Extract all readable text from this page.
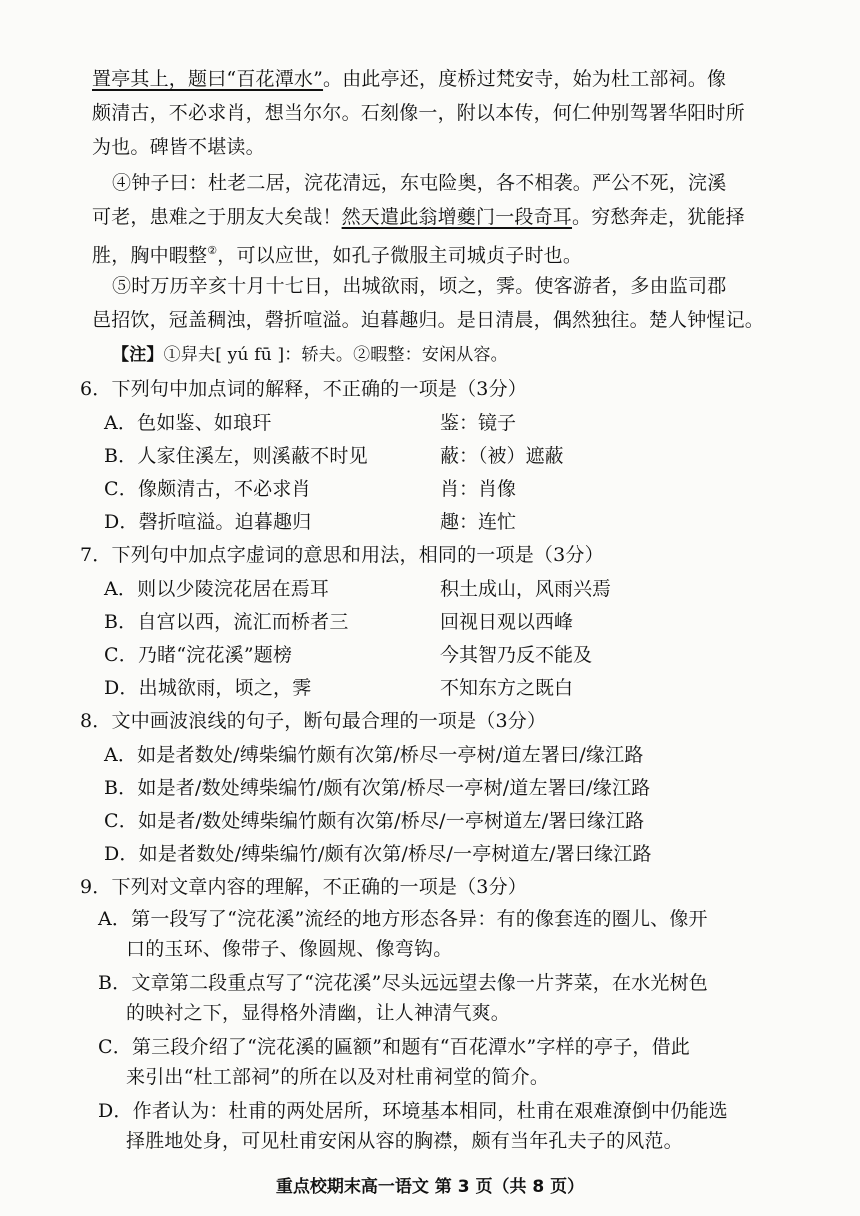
置亭其上，题曰“百花潭水”。由此亭还，度桥过梵安寺，始为杜工部祠。像
颇清古，不必求肖，想当尔尔。石刻像一，附以本传，何仁仲别驾署华阳时所
为也。碑皆不堪读。
④钟子曰：杜老二居，浣花清远，东屯险奥，各不相袭。严公不死，浣溪
可老，患难之于朋友大矣哉！然天遣此翁增夔门一段奇耳。穷愁奔走，犹能择
胜，胸中暇整②，可以应世，如孔子微服主司城贞子时也。
⑤时万历辛亥十月十七日，出城欲雨，顷之，霁。使客游者，多由监司郡
邑招饮，冠盖稠浊，磬折喧溢。迫暮趣归。是日清晨，偶然独往。楚人钟惺记。
【注】①舁夫[ yú fū ]：轿夫。②暇整：安闲从容。
6．下列句中加点词的解释，不正确的一项是（3分）
A．色如鉴、如琅玕	鉴：镜子
B．人家住溪左，则溪蔽不时见	蔽：（被）遮蔽
C．像颇清古，不必求肖	肖：肖像
D．磬折喧溢。迫暮趣归	趣：连忙
7．下列句中加点字虚词的意思和用法，相同的一项是（3分）
A．则以少陵浣花居在焉耳	积土成山，风雨兴焉
B．自宫以西，流汇而桥者三	回视日观以西峰
C．乃睹“浣花溪”题榜	今其智乃反不能及
D．出城欲雨，顷之，霁	不知东方之既白
8．文中画波浪线的句子，断句最合理的一项是（3分）
A．如是者数处/缚柴编竹颇有次第/桥尽一亭树/道左署曰/缘江路
B．如是者/数处缚柴编竹/颇有次第/桥尽一亭树/道左署曰/缘江路
C．如是者/数处缚柴编竹颇有次第/桥尽/一亭树道左/署曰缘江路
D．如是者数处/缚柴编竹/颇有次第/桥尽/一亭树道左/署曰缘江路
9．下列对文章内容的理解，不正确的一项是（3分）
A．第一段写了“浣花溪”流经的地方形态各异：有的像套连的圈儿、像开
口的玉环、像带子、像圆规、像弯钩。
B．文章第二段重点写了“浣花溪”尽头远远望去像一片荠菜，在水光树色
的映衬之下，显得格外清幽，让人神清气爽。
C．第三段介绍了“浣花溪的匾额”和题有“百花潭水”字样的亭子，借此
来引出“杜工部祠”的所在以及对杜甫祠堂的简介。
D．作者认为：杜甫的两处居所，环境基本相同，杜甫在艰难潦倒中仍能选
择胜地处身，可见杜甫安闲从容的胸襟，颇有当年孔夫子的风范。
重点校期末高一语文 第 3 页（共 8 页）
